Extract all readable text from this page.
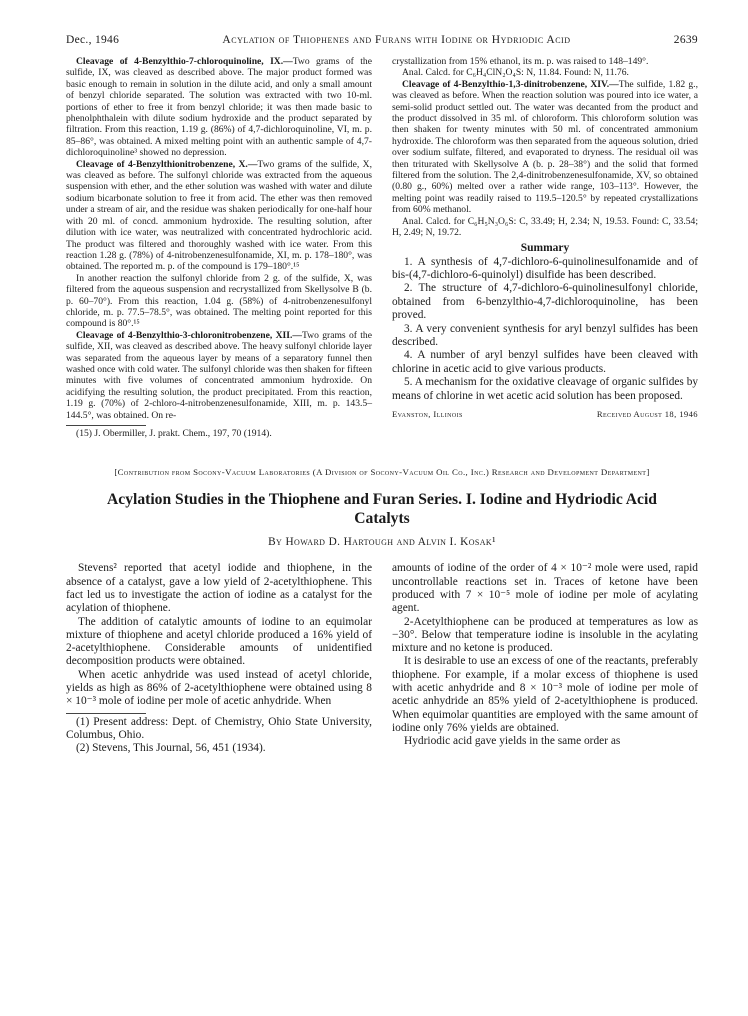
Dec., 1946	Acylation of Thiophenes and Furans with Iodine or Hydriodic Acid	2639

Cleavage of 4-Benzylthio-7-chloroquinoline, IX.—Two grams of the sulfide, IX, was cleaved as described above. The major product formed was basic enough to remain in solution in the dilute acid, and only a small amount of benzyl chloride separated. The solution was extracted with two 10-ml. portions of ether to free it from benzyl chloride; it was then made basic to phenolphthalein with dilute sodium hydroxide and the product separated by filtration. From this reaction, 1.19 g. (86%) of 4,7-dichloroquinoline, VI, m. p. 85–86°, was obtained. A mixed melting point with an authentic sample of 4,7-dichloroquinoline³ showed no depression.

Cleavage of 4-Benzylthionitrobenzene, X.—Two grams of the sulfide, X, was cleaved as before. The sulfonyl chloride was extracted from the aqueous suspension with ether, and the ether solution was washed with water and dilute sodium bicarbonate solution to free it from acid. The ether was then removed under a stream of air, and the residue was shaken periodically for one-half hour with 20 ml. of concd. ammonium hydroxide. The resulting solution, after dilution with ice water, was neutralized with concentrated hydrochloric acid. The product was filtered and thoroughly washed with ice water. From this reaction 1.28 g. (78%) of 4-nitrobenzenesulfonamide, XI, m. p. 178–180°, was obtained. The reported m. p. of the compound is 179–180°.¹⁵

In another reaction the sulfonyl chloride from 2 g. of the sulfide, X, was filtered from the aqueous suspension and recrystallized from Skellysolve B (b. p. 60–70°). From this reaction, 1.04 g. (58%) of 4-nitrobenzenesulfonyl chloride, m. p. 77.5–78.5°, was obtained. The melting point reported for this compound is 80°.¹⁵

Cleavage of 4-Benzylthio-3-chloronitrobenzene, XII.—Two grams of the sulfide, XII, was cleaved as described above. The heavy sulfonyl chloride layer was separated from the aqueous layer by means of a separatory funnel then washed once with cold water. The sulfonyl chloride was then shaken for fifteen minutes with five volumes of concentrated ammonium hydroxide. On acidifying the resulting solution, the product precipitated. From this reaction, 1.19 g. (70%) of 2-chloro-4-nitrobenzenesulfonamide, XIII, m. p. 143.5–144.5°, was obtained. On re-

(15) J. Obermiller, J. prakt. Chem., 197, 70 (1914).

crystallization from 15% ethanol, its m. p. was raised to 148–149°.

Anal. Calcd. for C₆H₄ClN₂O₄S: N, 11.84. Found: N, 11.76.

Cleavage of 4-Benzylthio-1,3-dinitrobenzene, XIV.—The sulfide, 1.82 g., was cleaved as before. When the reaction solution was poured into ice water, a semi-solid product settled out. The water was decanted from the product and the product dissolved in 35 ml. of chloroform. This chloroform solution was then shaken for twenty minutes with 50 ml. of concentrated ammonium hydroxide. The chloroform was then separated from the aqueous solution, dried over sodium sulfate, filtered, and evaporated to dryness. The residual oil was then triturated with Skellysolve A (b. p. 28–38°) and the solid that formed filtered from the solution. The 2,4-dinitrobenzenesulfonamide, XV, so obtained (0.80 g., 60%) melted over a rather wide range, 103–113°. However, the melting point was readily raised to 119.5–120.5° by repeated crystallizations from 60% methanol.

Anal. Calcd. for C₆H₅N₃O₆S: C, 33.49; H, 2.34; N, 19.53. Found: C, 33.54; H, 2.49; N, 19.72.

Summary

1. A synthesis of 4,7-dichloro-6-quinolinesulfonamide and of bis-(4,7-dichloro-6-quinolyl) disulfide has been described.

2. The structure of 4,7-dichloro-6-quinolinesulfonyl chloride, obtained from 6-benzylthio-4,7-dichloroquinoline, has been proved.

3. A very convenient synthesis for aryl benzyl sulfides has been described.

4. A number of aryl benzyl sulfides have been cleaved with chlorine in acetic acid to give various products.

5. A mechanism for the oxidative cleavage of organic sulfides by means of chlorine in wet acetic acid solution has been proposed.

Evanston, Illinois	Received August 18, 1946
[Contribution from Socony-Vacuum Laboratories (A Division of Socony-Vacuum Oil Co., Inc.) Research and Development Department]
Acylation Studies in the Thiophene and Furan Series. I. Iodine and Hydriodic Acid Catalyts
By Howard D. Hartough and Alvin I. Kosak¹

Stevens² reported that acetyl iodide and thiophene, in the absence of a catalyst, gave a low yield of 2-acetylthiophene. This fact led us to investigate the action of iodine as a catalyst for the acylation of thiophene.

The addition of catalytic amounts of iodine to an equimolar mixture of thiophene and acetyl chloride produced a 16% yield of 2-acetylthiophene. Considerable amounts of unidentified decomposition products were obtained.

When acetic anhydride was used instead of acetyl chloride, yields as high as 86% of 2-acetylthiophene were obtained using 8 × 10⁻³ mole of iodine per mole of acetic anhydride. When

(1) Present address: Dept. of Chemistry, Ohio State University, Columbus, Ohio.

(2) Stevens, This Journal, 56, 451 (1934).

amounts of iodine of the order of 4 × 10⁻² mole were used, rapid uncontrollable reactions set in. Traces of ketone have been produced with 7 × 10⁻⁵ mole of iodine per mole of acylating agent.

2-Acetylthiophene can be produced at temperatures as low as −30°. Below that temperature iodine is insoluble in the acylating mixture and no ketone is produced.

It is desirable to use an excess of one of the reactants, preferably thiophene. For example, if a molar excess of thiophene is used with acetic anhydride and 8 × 10⁻³ mole of iodine per mole of acetic anhydride an 85% yield of 2-acetylthiophene is produced. When equimolar quantities are employed with the same amount of iodine only 76% yields are obtained.

Hydriodic acid gave yields in the same order as
